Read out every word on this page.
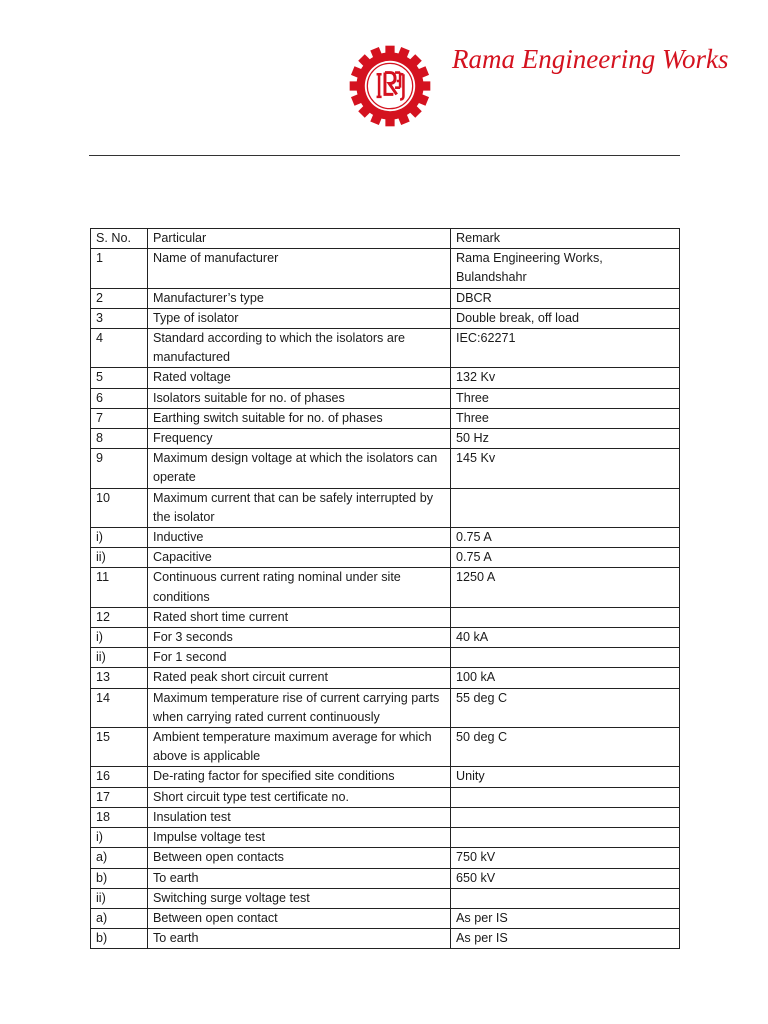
Rama Engineering Works
S. No.	Particular	Remark
1	Name of manufacturer	Rama Engineering Works, Bulandshahr
2	Manufacturer’s type	DBCR
3	Type of isolator	Double break, off load
4	Standard according to which the isolators are manufactured	IEC:62271
5	Rated voltage	132 Kv
6	Isolators suitable for no. of phases	Three
7	Earthing switch suitable for no. of phases	Three
8	Frequency	50 Hz
9	Maximum design voltage at which the isolators can operate	145 Kv
10	Maximum current that can be safely interrupted by the isolator	
i)	Inductive	0.75 A
ii)	Capacitive	0.75 A
11	Continuous current rating nominal under site conditions	1250 A
12	Rated short time current	
i)	For 3 seconds	40 kA
ii)	For 1 second	
13	Rated peak short circuit current	100 kA
14	Maximum temperature rise of current carrying parts when carrying rated current continuously	55 deg C
15	Ambient temperature maximum average for which above is applicable	50 deg C
16	De-rating factor for specified site conditions	Unity
17	Short circuit type test certificate no.	
18	Insulation test	
i)	Impulse voltage test	
a)	Between open contacts	750 kV
b)	To earth	650 kV
ii)	Switching surge voltage test	
a)	Between open contact	As per IS
b)	To earth	As per IS
